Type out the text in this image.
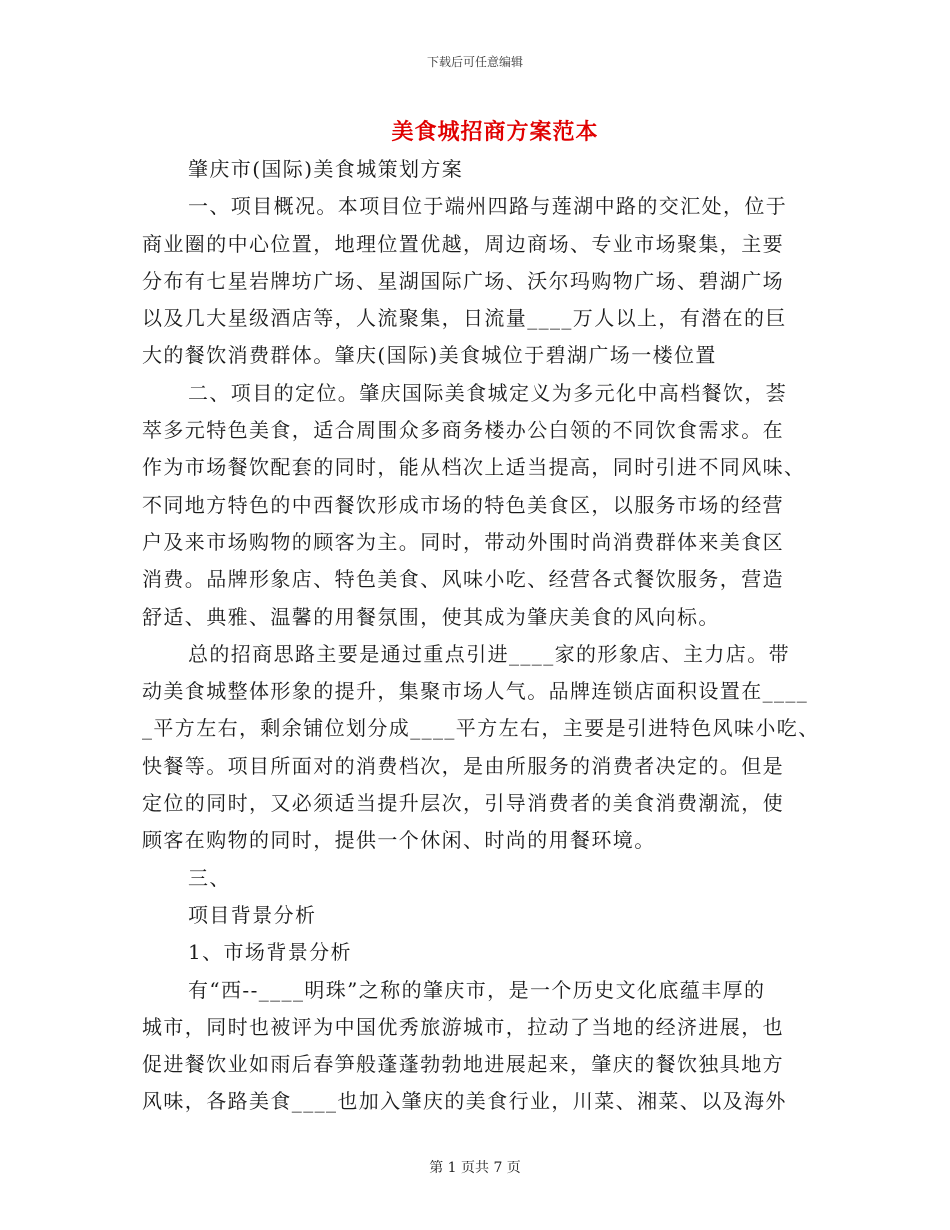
下载后可任意编辑
美食城招商方案范本

肇庆市(国际)美食城策划方案

一、项目概况。本项目位于端州四路与莲湖中路的交汇处，位于

商业圈的中心位置，地理位置优越，周边商场、专业市场聚集，主要

分布有七星岩牌坊广场、星湖国际广场、沃尔玛购物广场、碧湖广场

以及几大星级酒店等，人流聚集，日流量____万人以上，有潜在的巨

大的餐饮消费群体。肇庆(国际)美食城位于碧湖广场一楼位置

二、项目的定位。肇庆国际美食城定义为多元化中高档餐饮，荟

萃多元特色美食，适合周围众多商务楼办公白领的不同饮食需求。在

作为市场餐饮配套的同时，能从档次上适当提高，同时引进不同风味、

不同地方特色的中西餐饮形成市场的特色美食区，以服务市场的经营

户及来市场购物的顾客为主。同时，带动外围时尚消费群体来美食区

消费。品牌形象店、特色美食、风味小吃、经营各式餐饮服务，营造

舒适、典雅、温馨的用餐氛围，使其成为肇庆美食的风向标。

总的招商思路主要是通过重点引进____家的形象店、主力店。带

动美食城整体形象的提升，集聚市场人气。品牌连锁店面积设置在____

_平方左右，剩余铺位划分成____平方左右，主要是引进特色风味小吃、

快餐等。项目所面对的消费档次，是由所服务的消费者决定的。但是

定位的同时，又必须适当提升层次，引导消费者的美食消费潮流，使

顾客在购物的同时，提供一个休闲、时尚的用餐环境。

三、

项目背景分析

1、市场背景分析

有“西--____明珠”之称的肇庆市，是一个历史文化底蕴丰厚的

城市，同时也被评为中国优秀旅游城市，拉动了当地的经济进展，也

促进餐饮业如雨后春笋般蓬蓬勃勃地进展起来，肇庆的餐饮独具地方

风味，各路美食____也加入肇庆的美食行业，川菜、湘菜、以及海外

第 1 页共 7 页
